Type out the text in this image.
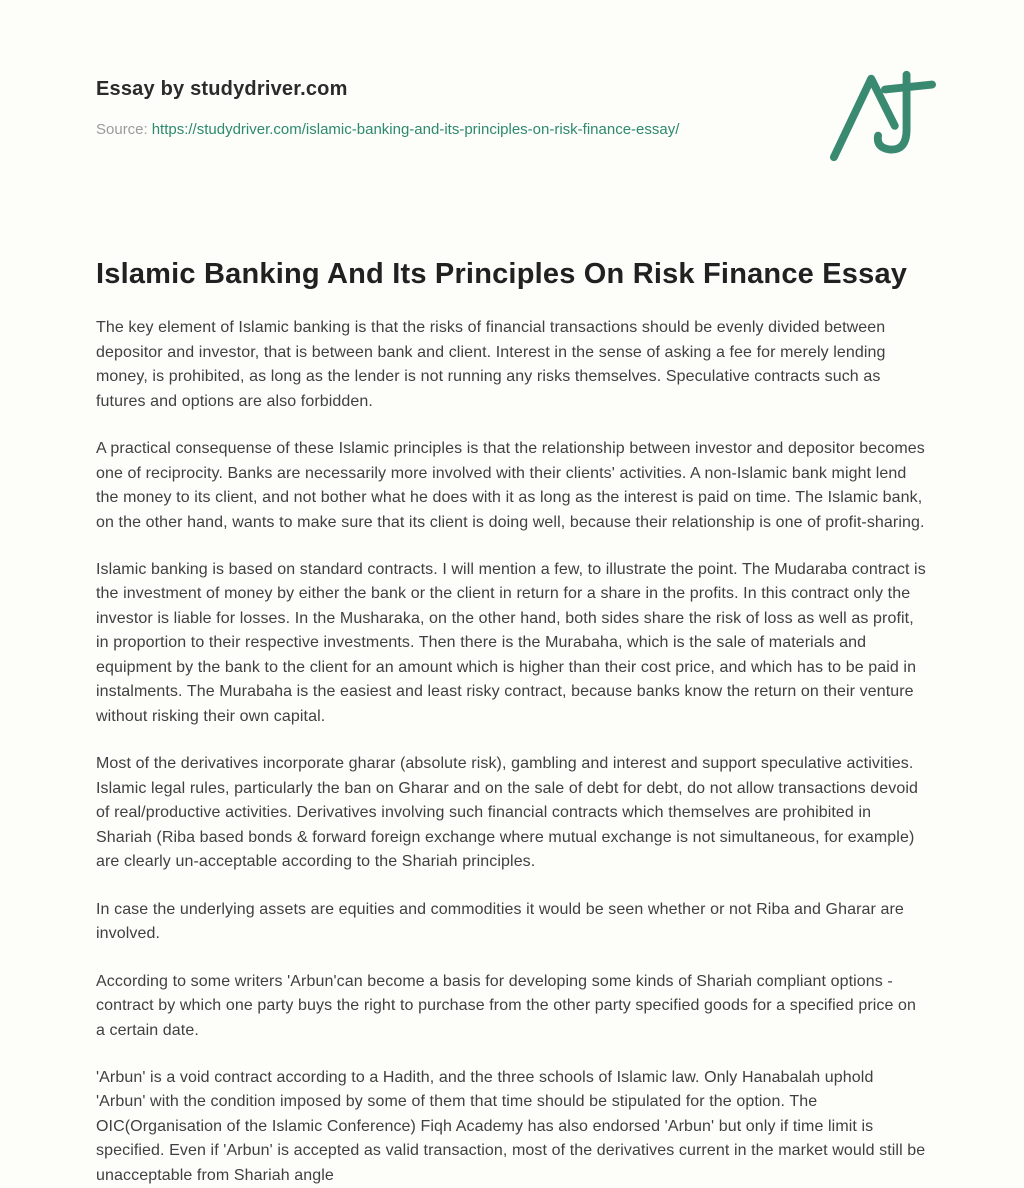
Essay by studydriver.com

Source: https://studydriver.com/islamic-banking-and-its-principles-on-risk-finance-essay/

Islamic Banking And Its Principles On Risk Finance Essay

The key element of Islamic banking is that the risks of financial transactions should be evenly divided between depositor and investor, that is between bank and client. Interest in the sense of asking a fee for merely lending money, is prohibited, as long as the lender is not running any risks themselves. Speculative contracts such as futures and options are also forbidden.

A practical consequense of these Islamic principles is that the relationship between investor and depositor becomes one of reciprocity. Banks are necessarily more involved with their clients' activities. A non-Islamic bank might lend the money to its client, and not bother what he does with it as long as the interest is paid on time. The Islamic bank, on the other hand, wants to make sure that its client is doing well, because their relationship is one of profit-sharing.

Islamic banking is based on standard contracts. I will mention a few, to illustrate the point. The Mudaraba contract is the investment of money by either the bank or the client in return for a share in the profits. In this contract only the investor is liable for losses. In the Musharaka, on the other hand, both sides share the risk of loss as well as profit, in proportion to their respective investments. Then there is the Murabaha, which is the sale of materials and equipment by the bank to the client for an amount which is higher than their cost price, and which has to be paid in instalments. The Murabaha is the easiest and least risky contract, because banks know the return on their venture without risking their own capital.

Most of the derivatives incorporate gharar (absolute risk), gambling and interest and support speculative activities. Islamic legal rules, particularly the ban on Gharar and on the sale of debt for debt, do not allow transactions devoid of real/productive activities. Derivatives involving such financial contracts which themselves are prohibited in Shariah (Riba based bonds & forward foreign exchange where mutual exchange is not simultaneous, for example) are clearly un-acceptable according to the Shariah principles.

In case the underlying assets are equities and commodities it would be seen whether or not Riba and Gharar are involved.

According to some writers 'Arbun'can become a basis for developing some kinds of Shariah compliant options - contract by which one party buys the right to purchase from the other party specified goods for a specified price on a certain date.

'Arbun' is a void contract according to a Hadith, and the three schools of Islamic law. Only Hanabalah uphold 'Arbun' with the condition imposed by some of them that time should be stipulated for the option. The OIC(Organisation of the Islamic Conference) Fiqh Academy has also endorsed 'Arbun' but only if time limit is specified. Even if 'Arbun' is accepted as valid transaction, most of the derivatives current in the market would still be unacceptable from Shariah angle
